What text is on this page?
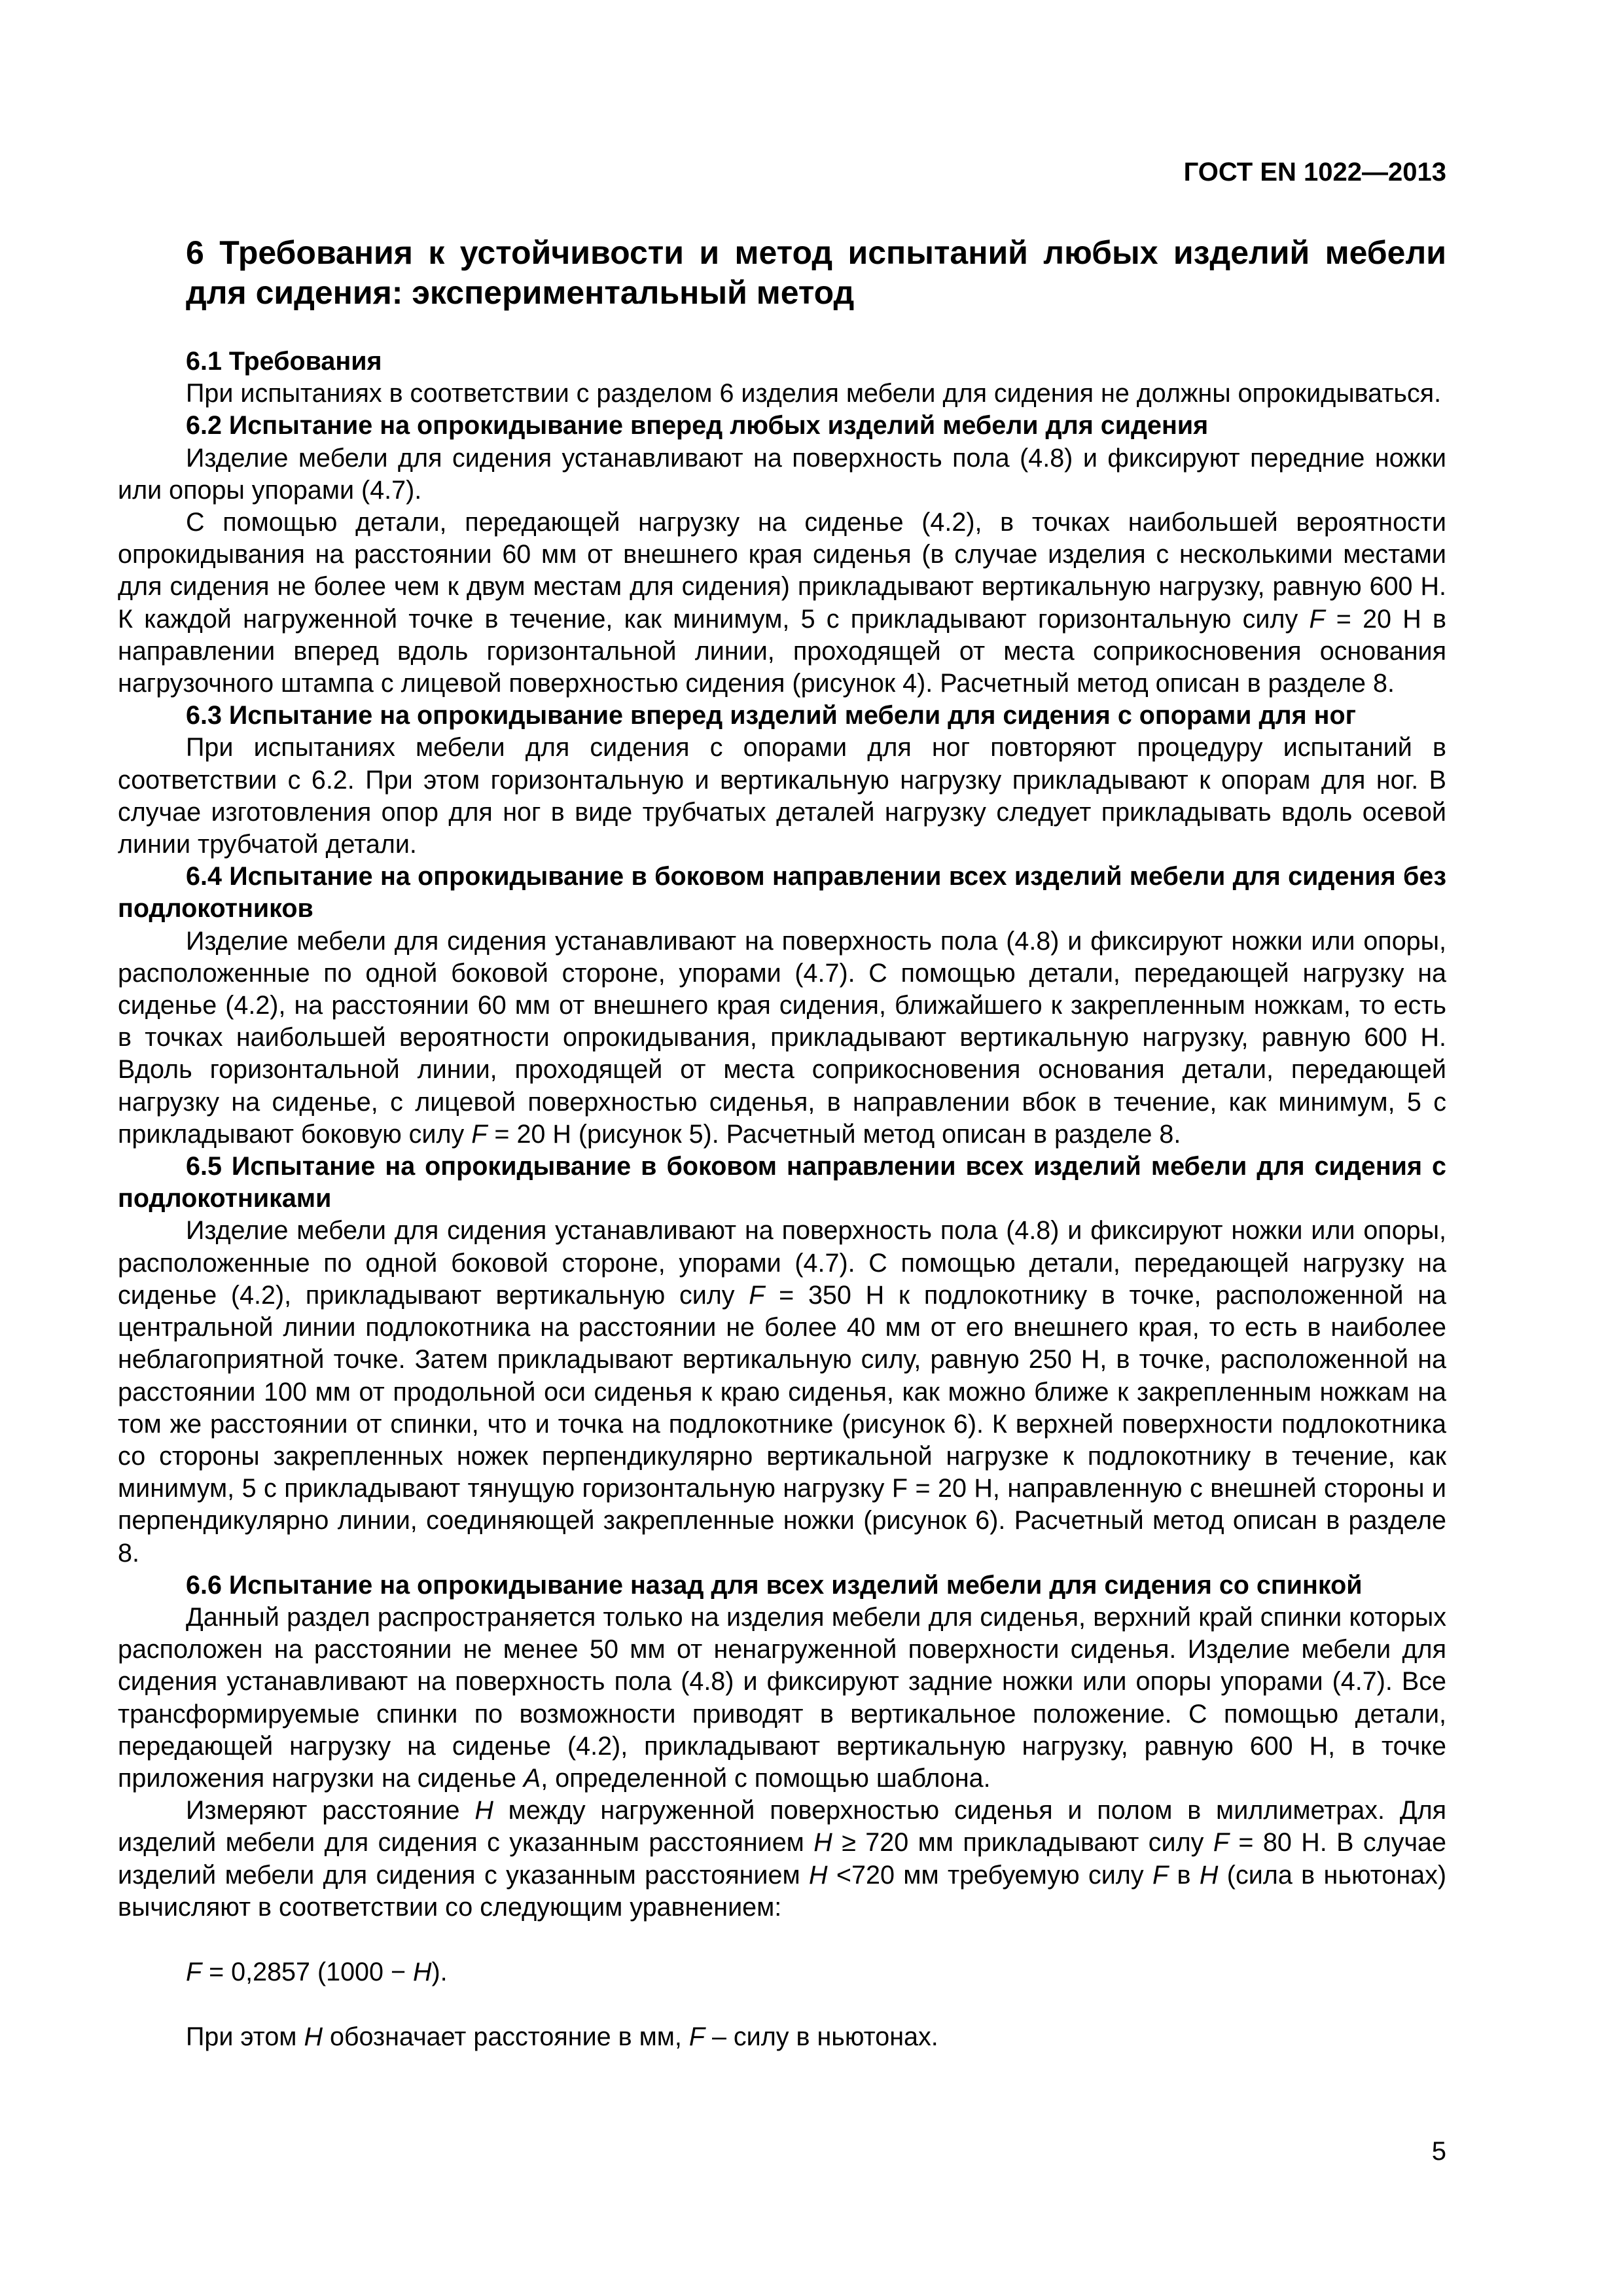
ГОСТ EN 1022—2013
6 Требования к устойчивости и метод испытаний любых изделий мебели для сидения: экспериментальный метод
6.1 Требования
При испытаниях в соответствии с разделом 6 изделия мебели для сидения не должны опрокидываться.
6.2 Испытание на опрокидывание вперед любых изделий мебели для сидения
Изделие мебели для сидения устанавливают на поверхность пола (4.8) и фиксируют передние ножки или опоры упорами (4.7).
С помощью детали, передающей нагрузку на сиденье (4.2), в точках наибольшей вероятности опрокидывания на расстоянии 60 мм от внешнего края сиденья (в случае изделия с несколькими местами для сидения не более чем к двум местам для сидения) прикладывают вертикальную нагрузку, равную 600 Н. К каждой нагруженной точке в течение, как минимум, 5 с прикладывают горизонтальную силу F = 20 Н в направлении вперед вдоль горизонтальной линии, проходящей от места соприкосновения основания нагрузочного штампа с лицевой поверхностью сидения (рисунок 4). Расчетный метод описан в разделе 8.
6.3 Испытание на опрокидывание вперед изделий мебели для сидения с опорами для ног
При испытаниях мебели для сидения с опорами для ног повторяют процедуру испытаний в соответствии с 6.2. При этом горизонтальную и вертикальную нагрузку прикладывают к опорам для ног. В случае изготовления опор для ног в виде трубчатых деталей нагрузку следует прикладывать вдоль осевой линии трубчатой детали.
6.4 Испытание на опрокидывание в боковом направлении всех изделий мебели для сидения без подлокотников
Изделие мебели для сидения устанавливают на поверхность пола (4.8) и фиксируют ножки или опоры, расположенные по одной боковой стороне, упорами (4.7). С помощью детали, передающей нагрузку на сиденье (4.2), на расстоянии 60 мм от внешнего края сидения, ближайшего к закрепленным ножкам, то есть в точках наибольшей вероятности опрокидывания, прикладывают вертикальную нагрузку, равную 600 Н. Вдоль горизонтальной линии, проходящей от места соприкосновения основания детали, передающей нагрузку на сиденье, с лицевой поверхностью сиденья, в направлении вбок в течение, как минимум, 5 с прикладывают боковую силу F = 20 Н (рисунок 5). Расчетный метод описан в разделе 8.
6.5 Испытание на опрокидывание в боковом направлении всех изделий мебели для сидения с подлокотниками
Изделие мебели для сидения устанавливают на поверхность пола (4.8) и фиксируют ножки или опоры, расположенные по одной боковой стороне, упорами (4.7). С помощью детали, передающей нагрузку на сиденье (4.2), прикладывают вертикальную силу F = 350 Н к подлокотнику в точке, расположенной на центральной линии подлокотника на расстоянии не более 40 мм от его внешнего края, то есть в наиболее неблагоприятной точке. Затем прикладывают вертикальную силу, равную 250 Н, в точке, расположенной на расстоянии 100 мм от продольной оси сиденья к краю сиденья, как можно ближе к закрепленным ножкам на том же расстоянии от спинки, что и точка на подлокотнике (рисунок 6). К верхней поверхности подлокотника со стороны закрепленных ножек перпендикулярно вертикальной нагрузке к подлокотнику в течение, как минимум, 5 с прикладывают тянущую горизонтальную нагрузку F = 20 Н, направленную с внешней стороны и перпендикулярно линии, соединяющей закрепленные ножки (рисунок 6). Расчетный метод описан в разделе 8.
6.6 Испытание на опрокидывание назад для всех изделий мебели для сидения со спинкой
Данный раздел распространяется только на изделия мебели для сиденья, верхний край спинки которых расположен на расстоянии не менее 50 мм от ненагруженной поверхности сиденья. Изделие мебели для сидения устанавливают на поверхность пола (4.8) и фиксируют задние ножки или опоры упорами (4.7). Все трансформируемые спинки по возможности приводят в вертикальное положение. С помощью детали, передающей нагрузку на сиденье (4.2), прикладывают вертикальную нагрузку, равную 600 Н, в точке приложения нагрузки на сиденье А, определенной с помощью шаблона.
Измеряют расстояние H между нагруженной поверхностью сиденья и полом в миллиметрах. Для изделий мебели для сидения с указанным расстоянием H ≥ 720 мм прикладывают силу F = 80 Н. В случае изделий мебели для сидения с указанным расстоянием H <720 мм требуемую силу F в H (сила в ньютонах) вычисляют в соответствии со следующим уравнением:
F = 0,2857 (1000 − H).
При этом H обозначает расстояние в мм, F – силу в ньютонах.
5
